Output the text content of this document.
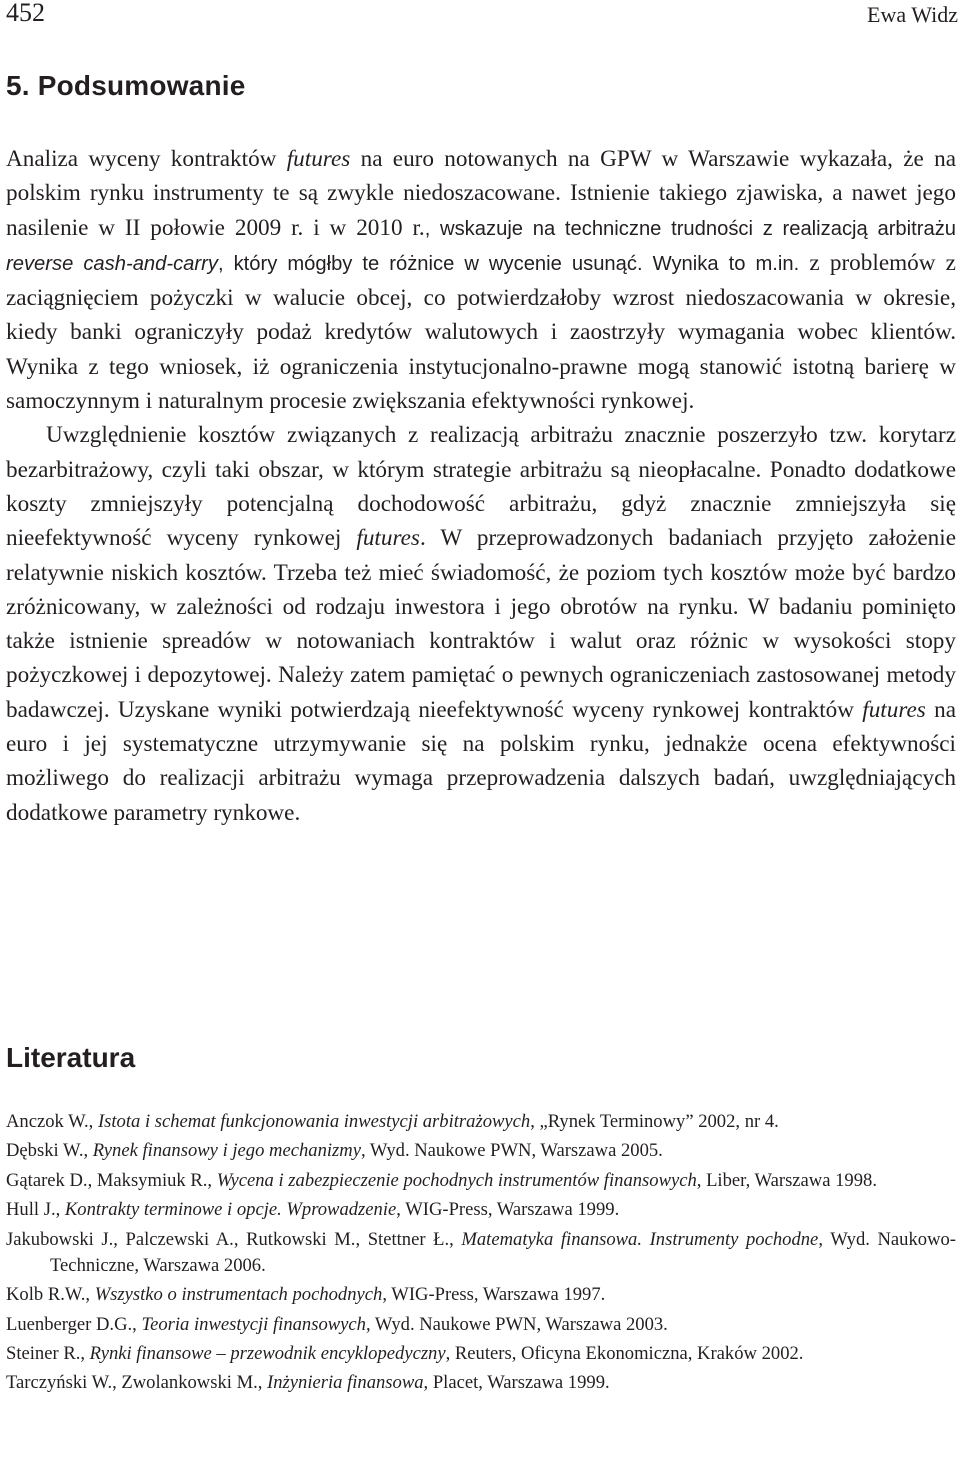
452	Ewa Widz
5. Podsumowanie

Analiza wyceny kontraktów futures na euro notowanych na GPW w Warszawie wykazała, że na polskim rynku instrumenty te są zwykle niedoszacowane. Istnienie takiego zjawiska, a nawet jego nasilenie w II połowie 2009 r. i w 2010 r., wskazuje na techniczne trudności z realizacją arbitrażu reverse cash-and-carry, który mógłby te różnice w wycenie usunąć. Wynika to m.in. z problemów z zaciągnięciem pożyczki w walucie obcej, co potwierdzałoby wzrost niedoszacowania w okresie, kiedy banki ograniczyły podaż kredytów walutowych i zaostrzyły wymagania wobec klientów. Wynika z tego wniosek, iż ograniczenia instytucjonalno-prawne mogą stanowić istotną barierę w samoczynnym i naturalnym procesie zwiększania efektywności rynkowej.

Uwzględnienie kosztów związanych z realizacją arbitrażu znacznie poszerzyło tzw. korytarz bezarbitrażowy, czyli taki obszar, w którym strategie arbitrażu są nieopłacalne. Ponadto dodatkowe koszty zmniejszyły potencjalną dochodowość arbitrażu, gdyż znacznie zmniejszyła się nieefektywność wyceny rynkowej futures. W przeprowadzonych badaniach przyjęto założenie relatywnie niskich kosztów. Trzeba też mieć świadomość, że poziom tych kosztów może być bardzo zróżnicowany, w zależności od rodzaju inwestora i jego obrotów na rynku. W badaniu pominięto także istnienie spreadów w notowaniach kontraktów i walut oraz różnic w wysokości stopy pożyczkowej i depozytowej. Należy zatem pamiętać o pewnych ograniczeniach zastosowanej metody badawczej. Uzyskane wyniki potwierdzają nieefektywność wyceny rynkowej kontraktów futures na euro i jej systematyczne utrzymywanie się na polskim rynku, jednakże ocena efektywności możliwego do realizacji arbitrażu wymaga przeprowadzenia dalszych badań, uwzględniających dodatkowe parametry rynkowe.

Literatura

Anczok W., Istota i schemat funkcjonowania inwestycji arbitrażowych, „Rynek Terminowy” 2002, nr 4.

Dębski W., Rynek finansowy i jego mechanizmy, Wyd. Naukowe PWN, Warszawa 2005.

Gątarek D., Maksymiuk R., Wycena i zabezpieczenie pochodnych instrumentów finansowych, Liber, Warszawa 1998.

Hull J., Kontrakty terminowe i opcje. Wprowadzenie, WIG-Press, Warszawa 1999.

Jakubowski J., Palczewski A., Rutkowski M., Stettner Ł., Matematyka finansowa. Instrumenty pochodne, Wyd. Naukowo-Techniczne, Warszawa 2006.

Kolb R.W., Wszystko o instrumentach pochodnych, WIG-Press, Warszawa 1997.

Luenberger D.G., Teoria inwestycji finansowych, Wyd. Naukowe PWN, Warszawa 2003.

Steiner R., Rynki finansowe – przewodnik encyklopedyczny, Reuters, Oficyna Ekonomiczna, Kraków 2002.

Tarczyński W., Zwolankowski M., Inżynieria finansowa, Placet, Warszawa 1999.
